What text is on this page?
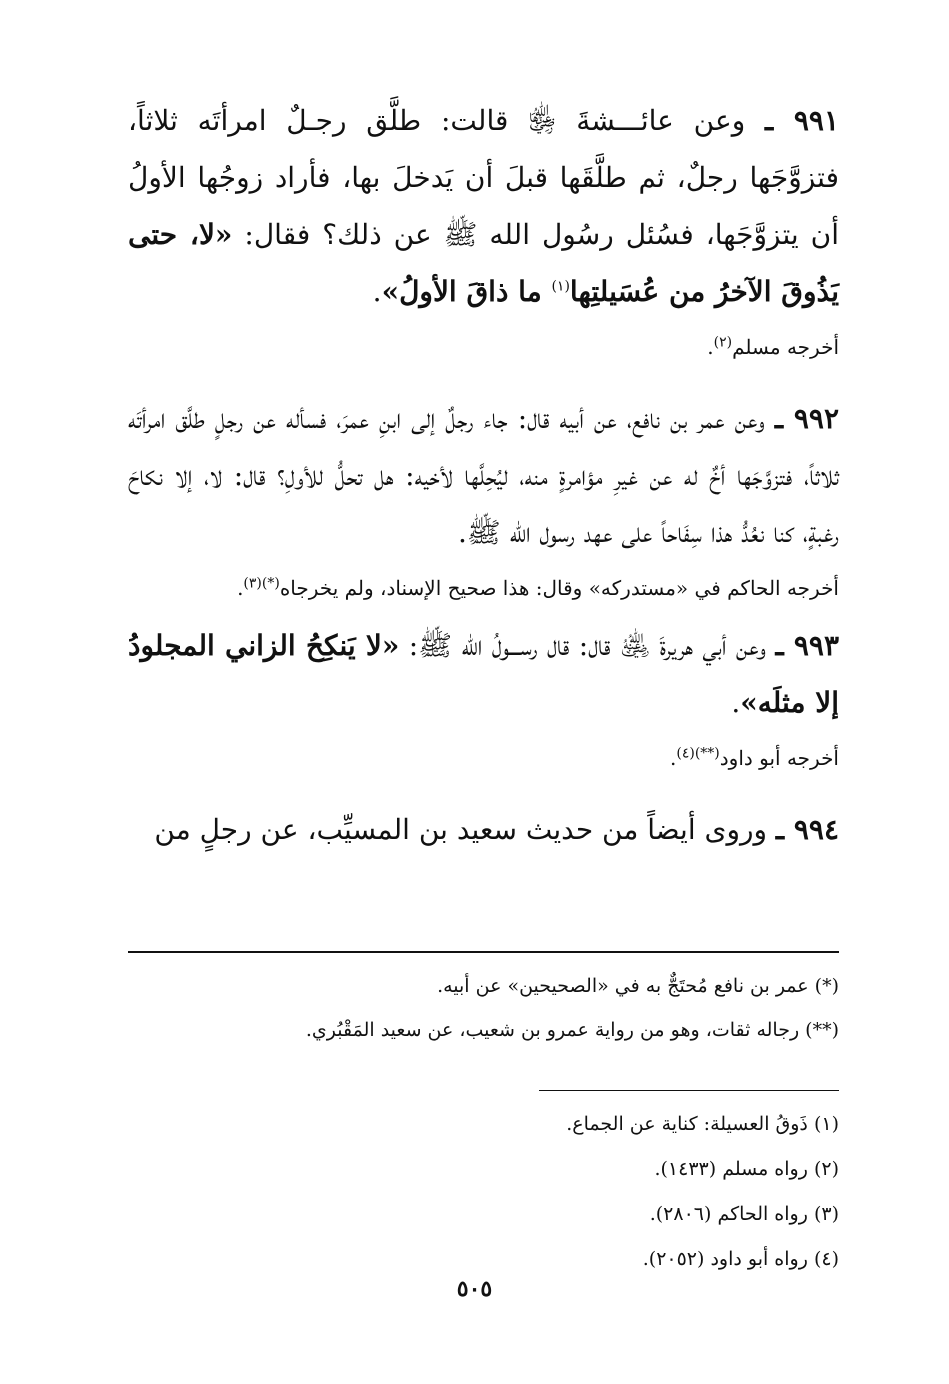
٩٩١ ـ وعن عائـــشةَ ﵂ قالت: طلَّق رجـلٌ امرأتَه ثلاثاً، فتزوَّجَها رجلٌ، ثم طلَّقَها قبلَ أن يَدخلَ بها، فأراد زوجُها الأولُ أن يتزوَّجَها، فسُئل رسُول الله ﷺ عن ذلك؟ فقال: «لا، حتى يَذُوقَ الآخرُ من عُسَيلتِها$^{(١)}$ ما ذاقَ الأولُ».

أخرجه مسلم$^{(٢)}$.

٩٩٢ ـ وعن عمر بن نافع، عن أبيه قال: جاء رجلٌ إلى ابنِ عمرَ، فسأله عن رجلٍ طلَّق امرأتَه ثلاثاً، فتزوَّجَها أخٌ له عن غيرِ مؤامرةٍ منه، ليُحِلَّها لأخيه: هل تحلُّ للأولِ؟ قال: لا، إلا نكاحَ رغبةٍ، كنا نعُدُّ هذا سِفَاحاً على عهد رسول الله ﷺ.

أخرجه الحاكم في «مستدركه» وقال: هذا صحيح الإسناد، ولم يخرجاه$^{(*)(٣)}$.

٩٩٣ ـ وعن أبي هريرةَ ﵁ قال: قال رســـولُ الله ﷺ: «لا يَنكِحُ الزاني المجلودُ إلا مثلَه».

أخرجه أبو داود$^{(**)(٤)}$.

٩٩٤ ـ وروى أيضاً من حديث سعيد بن المسيِّب، عن رجلٍ من

(*) عمر بن نافع مُحتَجٌّ به في «الصحيحين» عن أبيه.
(**) رجاله ثقات، وهو من رواية عمرو بن شعيب، عن سعيد المَقْبُري.
(١) ذَوقُ العسيلة: كناية عن الجماع.
(٢) رواه مسلم (١٤٣٣).
(٣) رواه الحاكم (٢٨٠٦).
(٤) رواه أبو داود (٢٠٥٢).
٥٠٥
